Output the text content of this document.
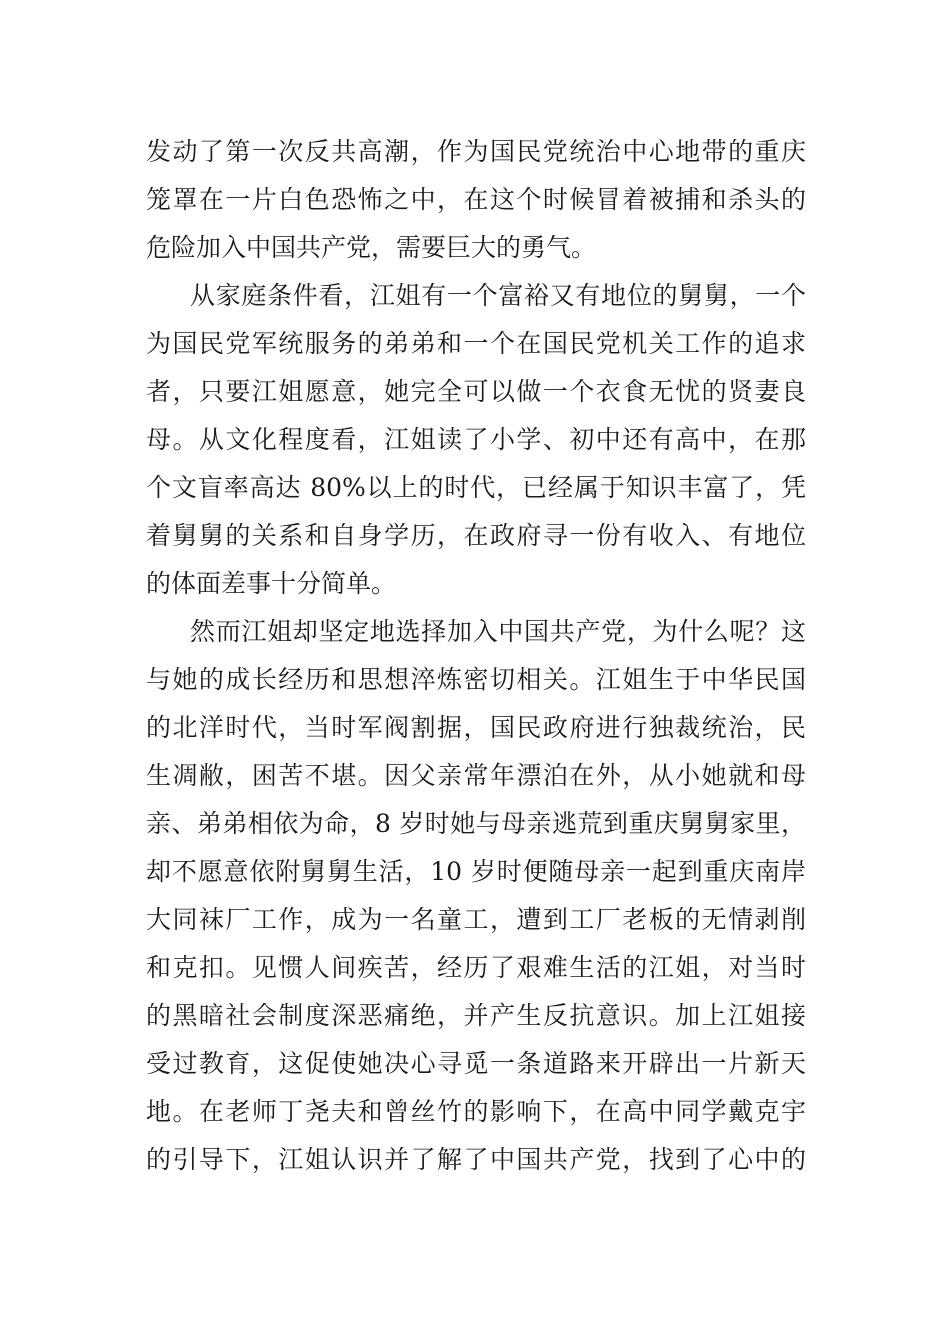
发动了第一次反共高潮，作为国民党统治中心地带的重庆
笼罩在一片白色恐怖之中，在这个时候冒着被捕和杀头的
危险加入中国共产党，需要巨大的勇气。
从家庭条件看，江姐有一个富裕又有地位的舅舅，一个
为国民党军统服务的弟弟和一个在国民党机关工作的追求
者，只要江姐愿意，她完全可以做一个衣食无忧的贤妻良
母。从文化程度看，江姐读了小学、初中还有高中，在那
个文盲率高达 80%以上的时代，已经属于知识丰富了，凭
着舅舅的关系和自身学历，在政府寻一份有收入、有地位
的体面差事十分简单。
然而江姐却坚定地选择加入中国共产党，为什么呢？这
与她的成长经历和思想淬炼密切相关。江姐生于中华民国
的北洋时代，当时军阀割据，国民政府进行独裁统治，民
生凋敝，困苦不堪。因父亲常年漂泊在外，从小她就和母
亲、弟弟相依为命，8 岁时她与母亲逃荒到重庆舅舅家里，
却不愿意依附舅舅生活，10 岁时便随母亲一起到重庆南岸
大同袜厂工作，成为一名童工，遭到工厂老板的无情剥削
和克扣。见惯人间疾苦，经历了艰难生活的江姐，对当时
的黑暗社会制度深恶痛绝，并产生反抗意识。加上江姐接
受过教育，这促使她决心寻觅一条道路来开辟出一片新天
地。在老师丁尧夫和曾丝竹的影响下，在高中同学戴克宇
的引导下，江姐认识并了解了中国共产党，找到了心中的
